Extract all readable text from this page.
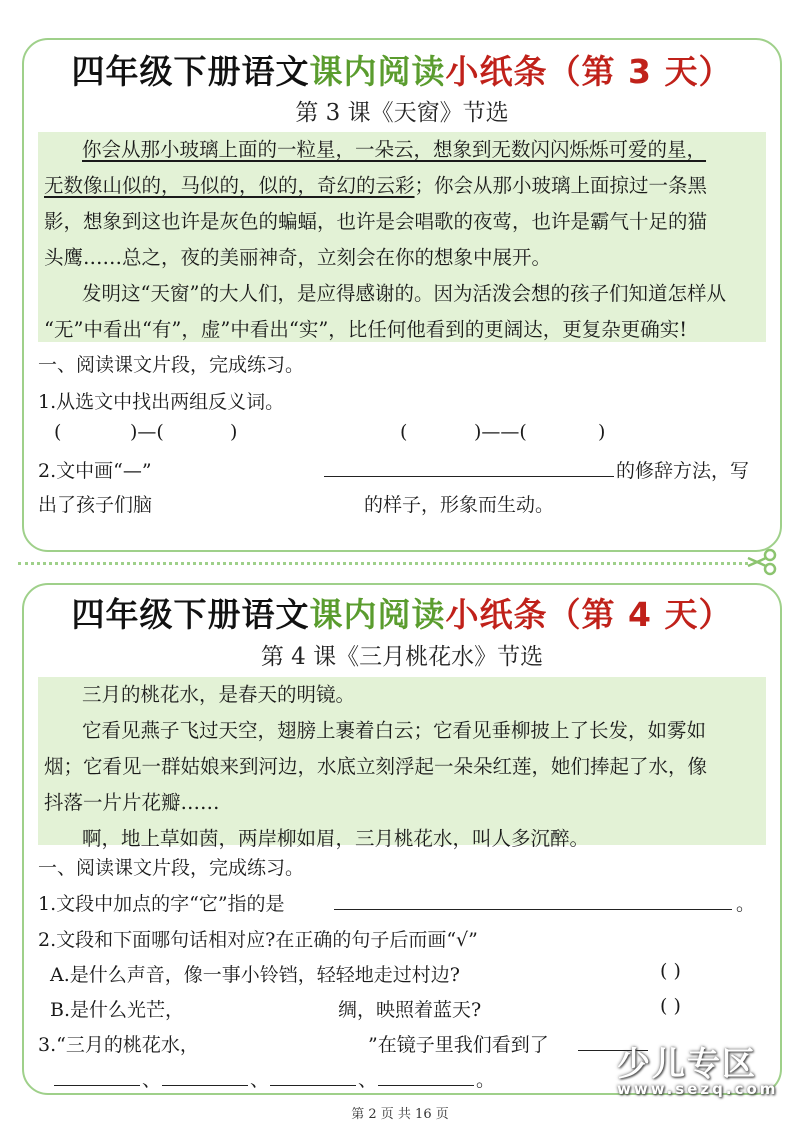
四年级下册语文课内阅读小纸条（第 3 天）
第 3 课《天窗》节选

你会从那小玻璃上面的一粒星，一朵云，想象到无数闪闪烁烁可爱的星，

无数像山似的，马似的，似的，奇幻的云彩；你会从那小玻璃上面掠过一条黑

影，想象到这也许是灰色的蝙蝠，也许是会唱歌的夜莺，也许是霸气十足的猫

头鹰……总之，夜的美丽神奇，立刻会在你的想象中展开。

发明这“天窗”的大人们，是应得感谢的。因为活泼会想的孩子们知道怎样从

“无”中看出“有”，虚”中看出“实”，比任何他看到的更阔达，更复杂更确实!

一、阅读课文片段，完成练习。
1.从选文中找出两组反义词。
(	)—(	)	(	)——(	)
2.文中画“—”	的修辞方法，写
出了孩子们脑	的样子，形象而生动。
四年级下册语文课内阅读小纸条（第 4 天）
第 4 课《三月桃花水》节选

三月的桃花水，是春天的明镜。

它看见燕子飞过天空，翅膀上裹着白云；它看见垂柳披上了长发，如雾如

烟；它看见一群姑娘来到河边，水底立刻浮起一朵朵红莲，她们捧起了水，像

抖落一片片花瓣……

啊，地上草如茵，两岸柳如眉，三月桃花水，叫人多沉醉。

一、阅读课文片段，完成练习。
1.文段中加点的字“它”指的是	。
2.文段和下面哪句话相对应?在正确的句子后而画“√”
A.是什么声音，像一事小铃铛，轻轻地走过村边?	( )
B.是什么光芒，	绸，映照着蓝天?	( )
3.“三月的桃花水，	”在镜子里我们看到了
、	、	、	。	少儿专区
www.sezq.com
第 2 页 共 16 页
